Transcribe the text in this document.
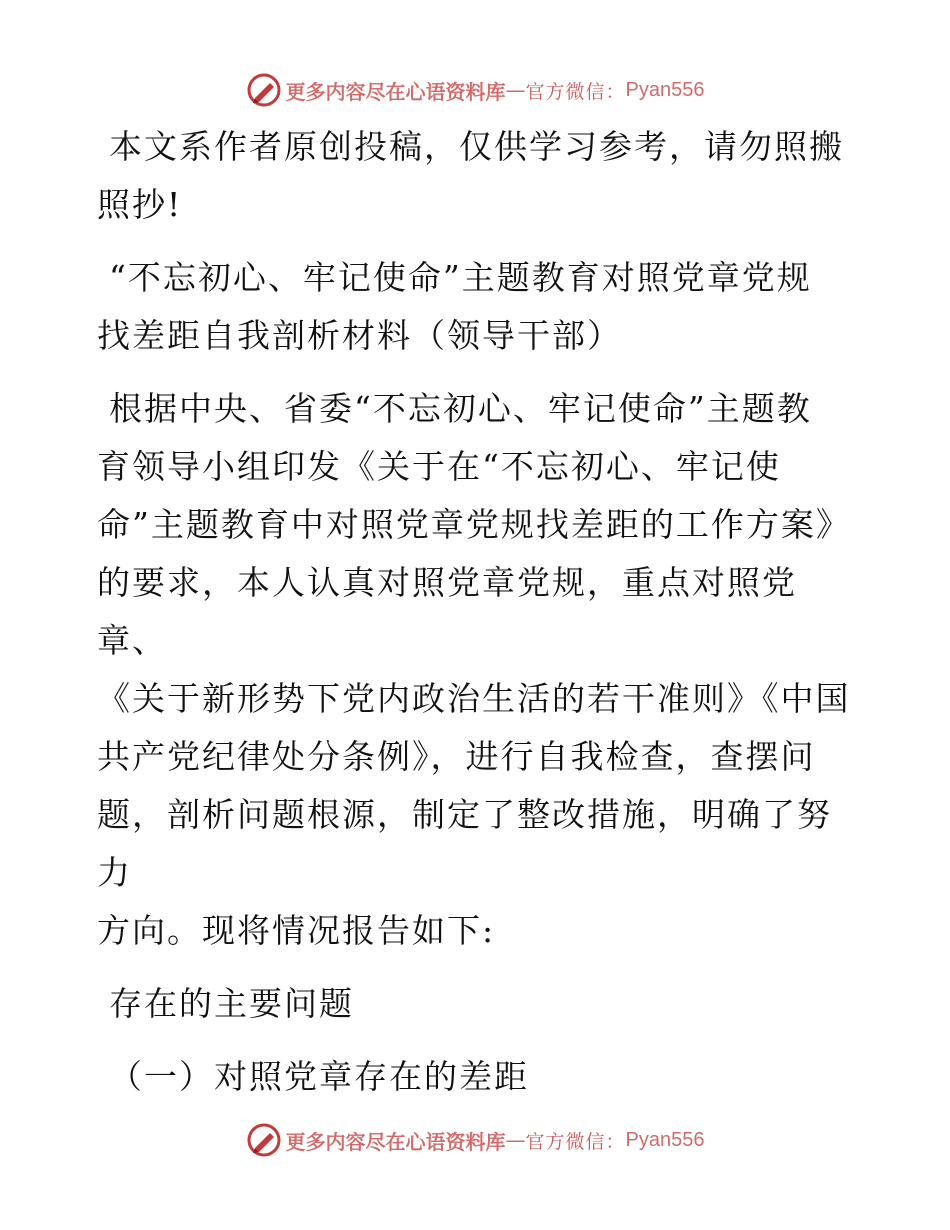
更多内容尽在心语资料库 — 官方微信： Pyan556

本文系作者原创投稿，仅供学习参考，请勿照搬

照抄!

“不忘初心、牢记使命”主题教育对照党章党规

找差距自我剖析材料（领导干部）

根据中央、省委“不忘初心、牢记使命”主题教

育领导小组印发《关于在“不忘初心、牢记使

命”主题教育中对照党章党规找差距的工作方案》

的要求，本人认真对照党章党规，重点对照党章、

《关于新形势下党内政治生活的若干准则》《中国

共产党纪律处分条例》，进行自我检查，查摆问

题，剖析问题根源，制定了整改措施，明确了努力

方向。现将情况报告如下:

存在的主要问题

（一）对照党章存在的差距

更多内容尽在心语资料库 — 官方微信： Pyan556
